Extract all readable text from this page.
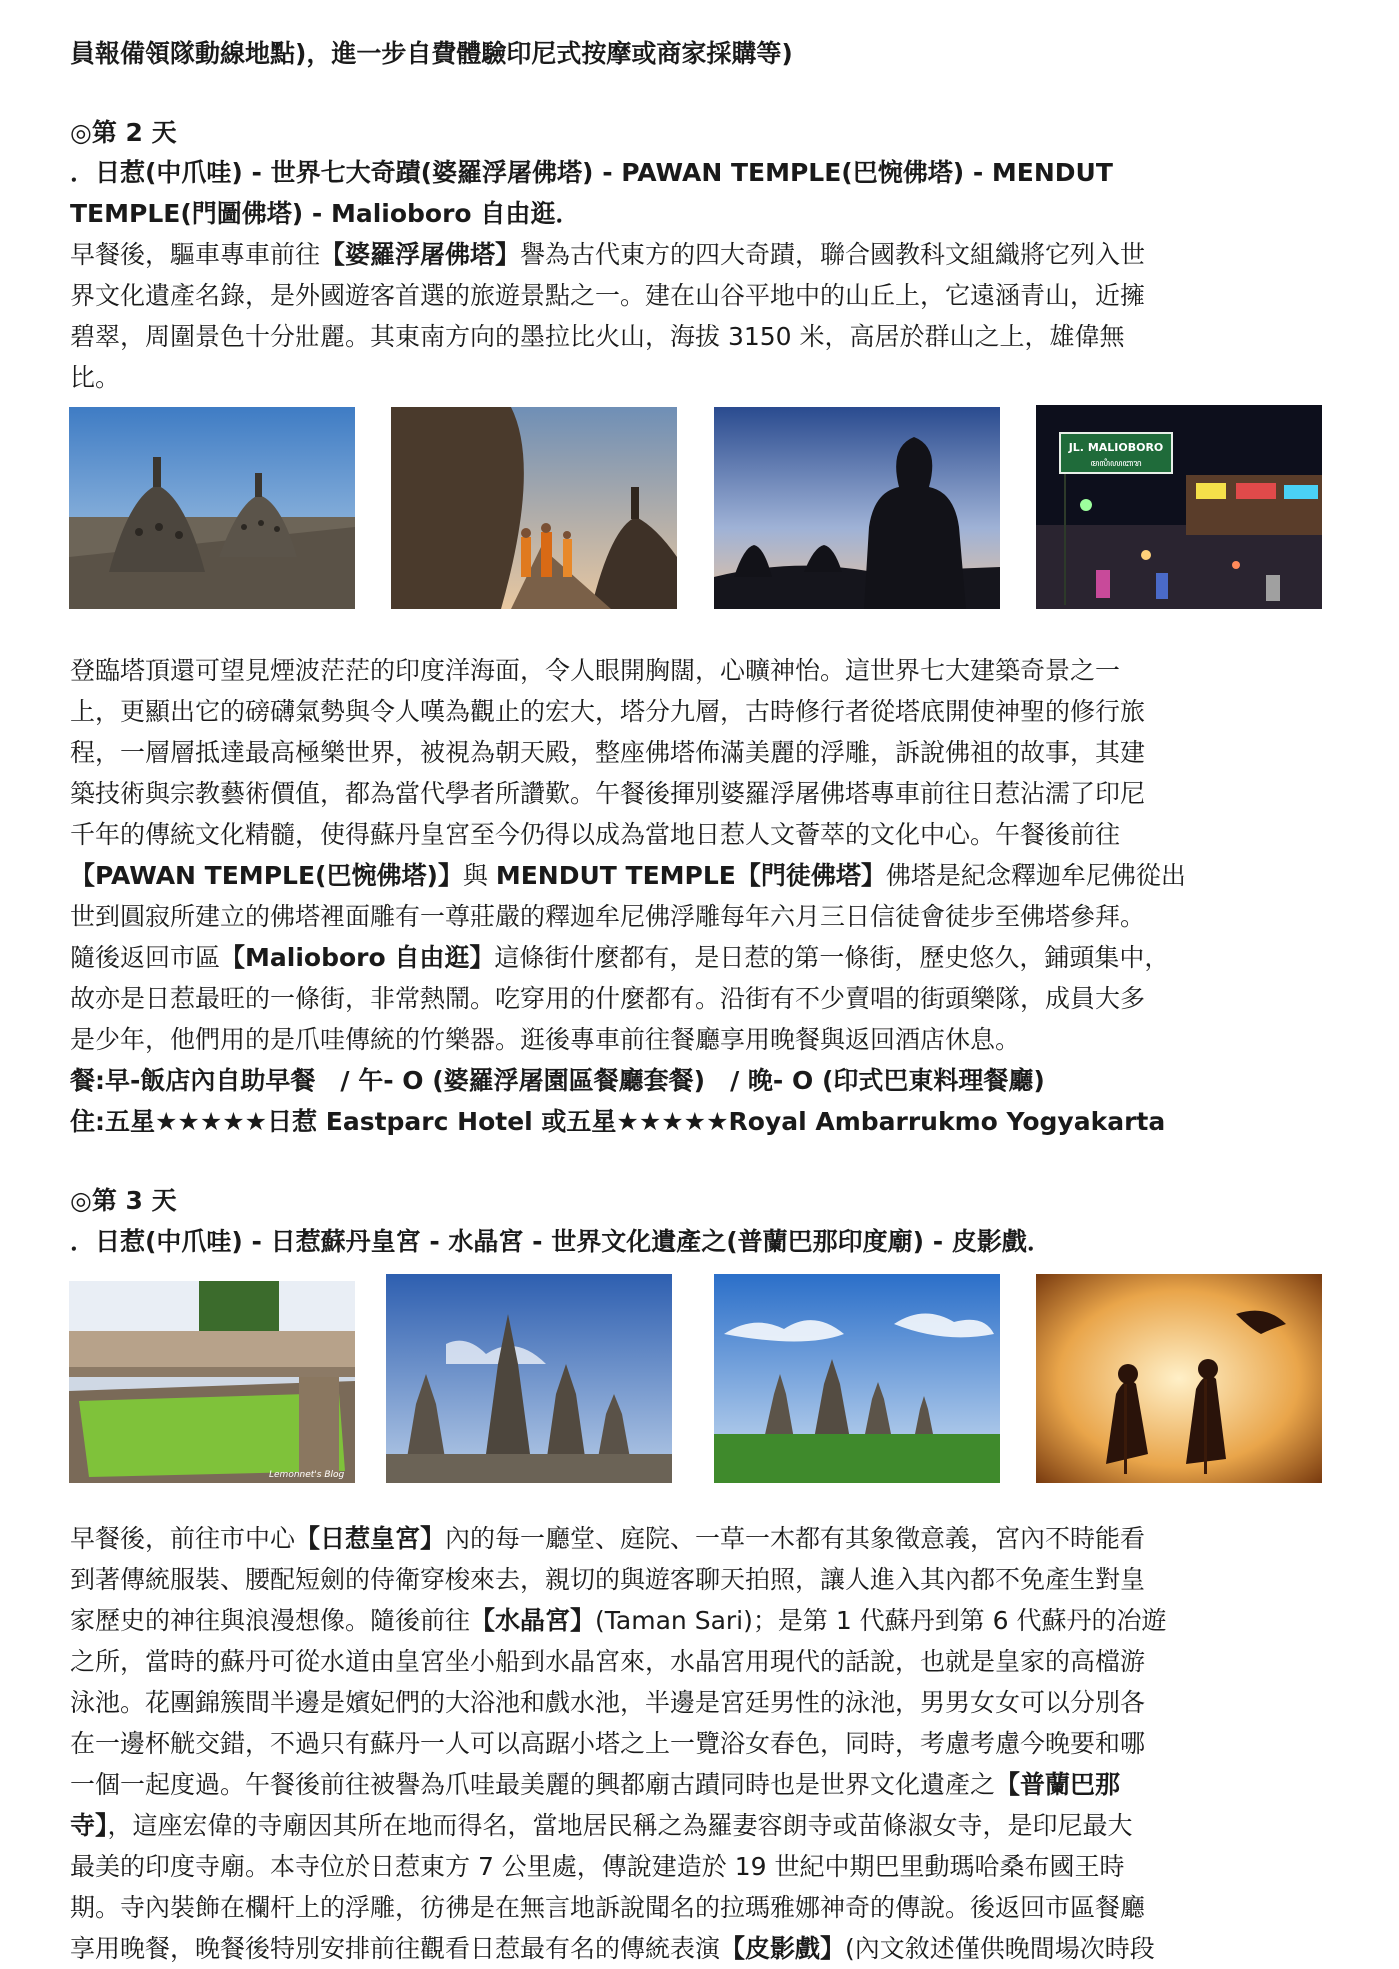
員報備領隊動線地點)，進一步自費體驗印尼式按摩或商家採購等)
◎第 2 天
．日惹(中爪哇) - 世界七大奇蹟(婆羅浮屠佛塔) - PAWAN TEMPLE(巴惋佛塔) - MENDUT
TEMPLE(門圖佛塔) - Malioboro 自由逛．
早餐後，驅車專車前往【婆羅浮屠佛塔】譽為古代東方的四大奇蹟，聯合國教科文組織將它列入世
界文化遺產名錄，是外國遊客首選的旅遊景點之一。建在山谷平地中的山丘上，它遠涵青山，近擁
碧翠，周圍景色十分壯麗。其東南方向的墨拉比火山，海拔 3150 米，高居於群山之上，雄偉無
比。
JL. MALIOBORO
ꦩꦭꦶꦪꦧꦫ
登臨塔頂還可望見煙波茫茫的印度洋海面，令人眼開胸闊，心曠神怡。這世界七大建築奇景之一
上，更顯出它的磅礴氣勢與令人嘆為觀止的宏大，塔分九層，古時修行者從塔底開使神聖的修行旅
程，一層層抵達最高極樂世界，被視為朝天殿，整座佛塔佈滿美麗的浮雕，訴說佛祖的故事，其建
築技術與宗教藝術價值，都為當代學者所讚歎。午餐後揮別婆羅浮屠佛塔專車前往日惹沾濡了印尼
千年的傳統文化精髓，使得蘇丹皇宮至今仍得以成為當地日惹人文薈萃的文化中心。午餐後前往
【PAWAN TEMPLE(巴惋佛塔)】與 MENDUT TEMPLE【門徒佛塔】佛塔是紀念釋迦牟尼佛從出
世到圓寂所建立的佛塔裡面雕有一尊莊嚴的釋迦牟尼佛浮雕每年六月三日信徒會徒步至佛塔參拜。
隨後返回市區【Malioboro 自由逛】這條街什麼都有，是日惹的第一條街，歷史悠久，鋪頭集中，
故亦是日惹最旺的一條街，非常熱鬧。吃穿用的什麼都有。沿街有不少賣唱的街頭樂隊，成員大多
是少年，他們用的是爪哇傳統的竹樂器。逛後專車前往餐廳享用晚餐與返回酒店休息。
餐:早-飯店內自助早餐　/ 午- O (婆羅浮屠園區餐廳套餐)　/ 晚- O (印式巴東料理餐廳)
住:五星★★★★★日惹 Eastparc Hotel 或五星★★★★★Royal Ambarrukmo Yogyakarta
◎第 3 天
．日惹(中爪哇) - 日惹蘇丹皇宮 - 水晶宮 - 世界文化遺產之(普蘭巴那印度廟) - 皮影戲．
Lemonnet's Blog
早餐後，前往市中心【日惹皇宮】內的每一廳堂、庭院、一草一木都有其象徵意義，宮內不時能看
到著傳統服裝、腰配短劍的侍衛穿梭來去，親切的與遊客聊天拍照，讓人進入其內都不免產生對皇
家歷史的神往與浪漫想像。隨後前往【水晶宮】(Taman Sari)；是第 1 代蘇丹到第 6 代蘇丹的冶遊
之所，當時的蘇丹可從水道由皇宮坐小船到水晶宮來，水晶宮用現代的話說，也就是皇家的高檔游
泳池。花團錦簇間半邊是嬪妃們的大浴池和戲水池，半邊是宮廷男性的泳池，男男女女可以分別各
在一邊杯觥交錯，不過只有蘇丹一人可以高踞小塔之上一覽浴女春色，同時，考慮考慮今晚要和哪
一個一起度過。午餐後前往被譽為爪哇最美麗的興都廟古蹟同時也是世界文化遺產之【普蘭巴那
寺】，這座宏偉的寺廟因其所在地而得名，當地居民稱之為羅妻容朗寺或苗條淑女寺，是印尼最大
最美的印度寺廟。本寺位於日惹東方 7 公里處，傳說建造於 19 世紀中期巴里動瑪哈桑布國王時
期。寺內裝飾在欄杆上的浮雕，彷彿是在無言地訴說聞名的拉瑪雅娜神奇的傳說。後返回市區餐廳
享用晚餐，晚餐後特別安排前往觀看日惹最有名的傳統表演【皮影戲】(內文敘述僅供晚間場次時段
